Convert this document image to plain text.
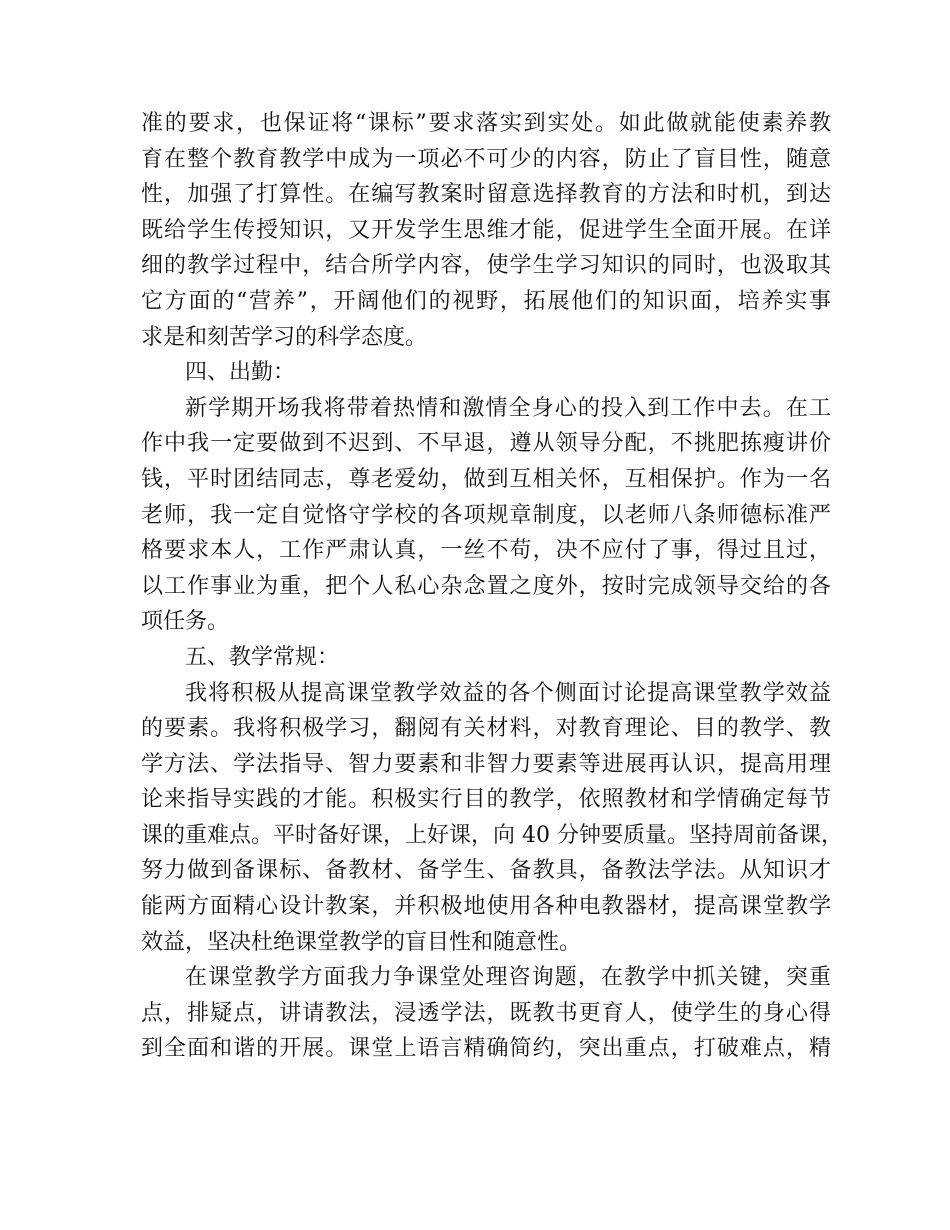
准的要求，也保证将“课标”要求落实到实处。如此做就能使素养教
育在整个教育教学中成为一项必不可少的内容，防止了盲目性，随意
性，加强了打算性。在编写教案时留意选择教育的方法和时机，到达
既给学生传授知识，又开发学生思维才能，促进学生全面开展。在详
细的教学过程中，结合所学内容，使学生学习知识的同时，也汲取其
它方面的“营养”，开阔他们的视野，拓展他们的知识面，培养实事
求是和刻苦学习的科学态度。
四、出勤：
新学期开场我将带着热情和激情全身心的投入到工作中去。在工
作中我一定要做到不迟到、不早退，遵从领导分配，不挑肥拣瘦讲价
钱，平时团结同志，尊老爱幼，做到互相关怀，互相保护。作为一名
老师，我一定自觉恪守学校的各项规章制度，以老师八条师德标准严
格要求本人，工作严肃认真，一丝不苟，决不应付了事，得过且过，
以工作事业为重，把个人私心杂念置之度外，按时完成领导交给的各
项任务。
五、教学常规：
我将积极从提高课堂教学效益的各个侧面讨论提高课堂教学效益
的要素。我将积极学习，翻阅有关材料，对教育理论、目的教学、教
学方法、学法指导、智力要素和非智力要素等进展再认识，提高用理
论来指导实践的才能。积极实行目的教学，依照教材和学情确定每节
课的重难点。平时备好课，上好课，向 40 分钟要质量。坚持周前备课，
努力做到备课标、备教材、备学生、备教具，备教法学法。从知识才
能两方面精心设计教案，并积极地使用各种电教器材，提高课堂教学
效益，坚决杜绝课堂教学的盲目性和随意性。
在课堂教学方面我力争课堂处理咨询题，在教学中抓关键，突重
点，排疑点，讲请教法，浸透学法，既教书更育人，使学生的身心得
到全面和谐的开展。课堂上语言精确简约，突出重点，打破难点，精
